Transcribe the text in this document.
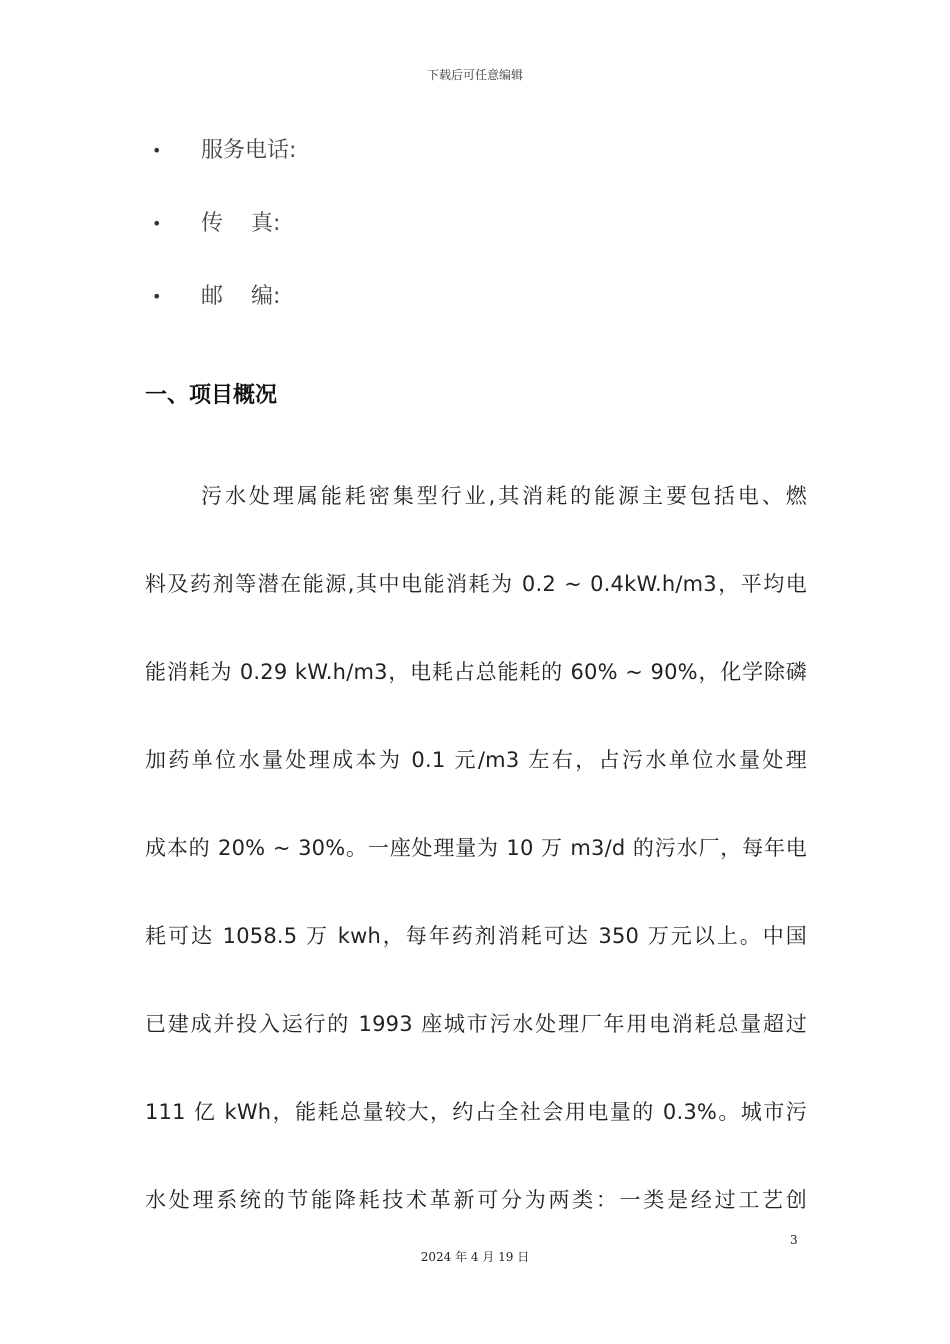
下载后可任意编辑
• 服务电话:
• 传    真:
• 邮    编:
一、项目概况
污水处理属能耗密集型行业,其消耗的能源主要包括电、燃
料及药剂等潜在能源,其中电能消耗为 0.2 ~ 0.4kW.h/m3，平均电
能消耗为 0.29 kW.h/m3，电耗占总能耗的 60% ~ 90%，化学除磷
加药单位水量处理成本为 0.1 元/m3 左右，占污水单位水量处理
成本的 20% ~ 30%。一座处理量为 10 万 m3/d 的污水厂，每年电
耗可达 1058.5 万 kwh，每年药剂消耗可达 350 万元以上。中国
已建成并投入运行的 1993 座城市污水处理厂年用电消耗总量超过
111 亿 kWh，能耗总量较大，约占全社会用电量的 0.3%。城市污
水处理系统的节能降耗技术革新可分为两类：一类是经过工艺创
3
2024 年 4 月 19 日
